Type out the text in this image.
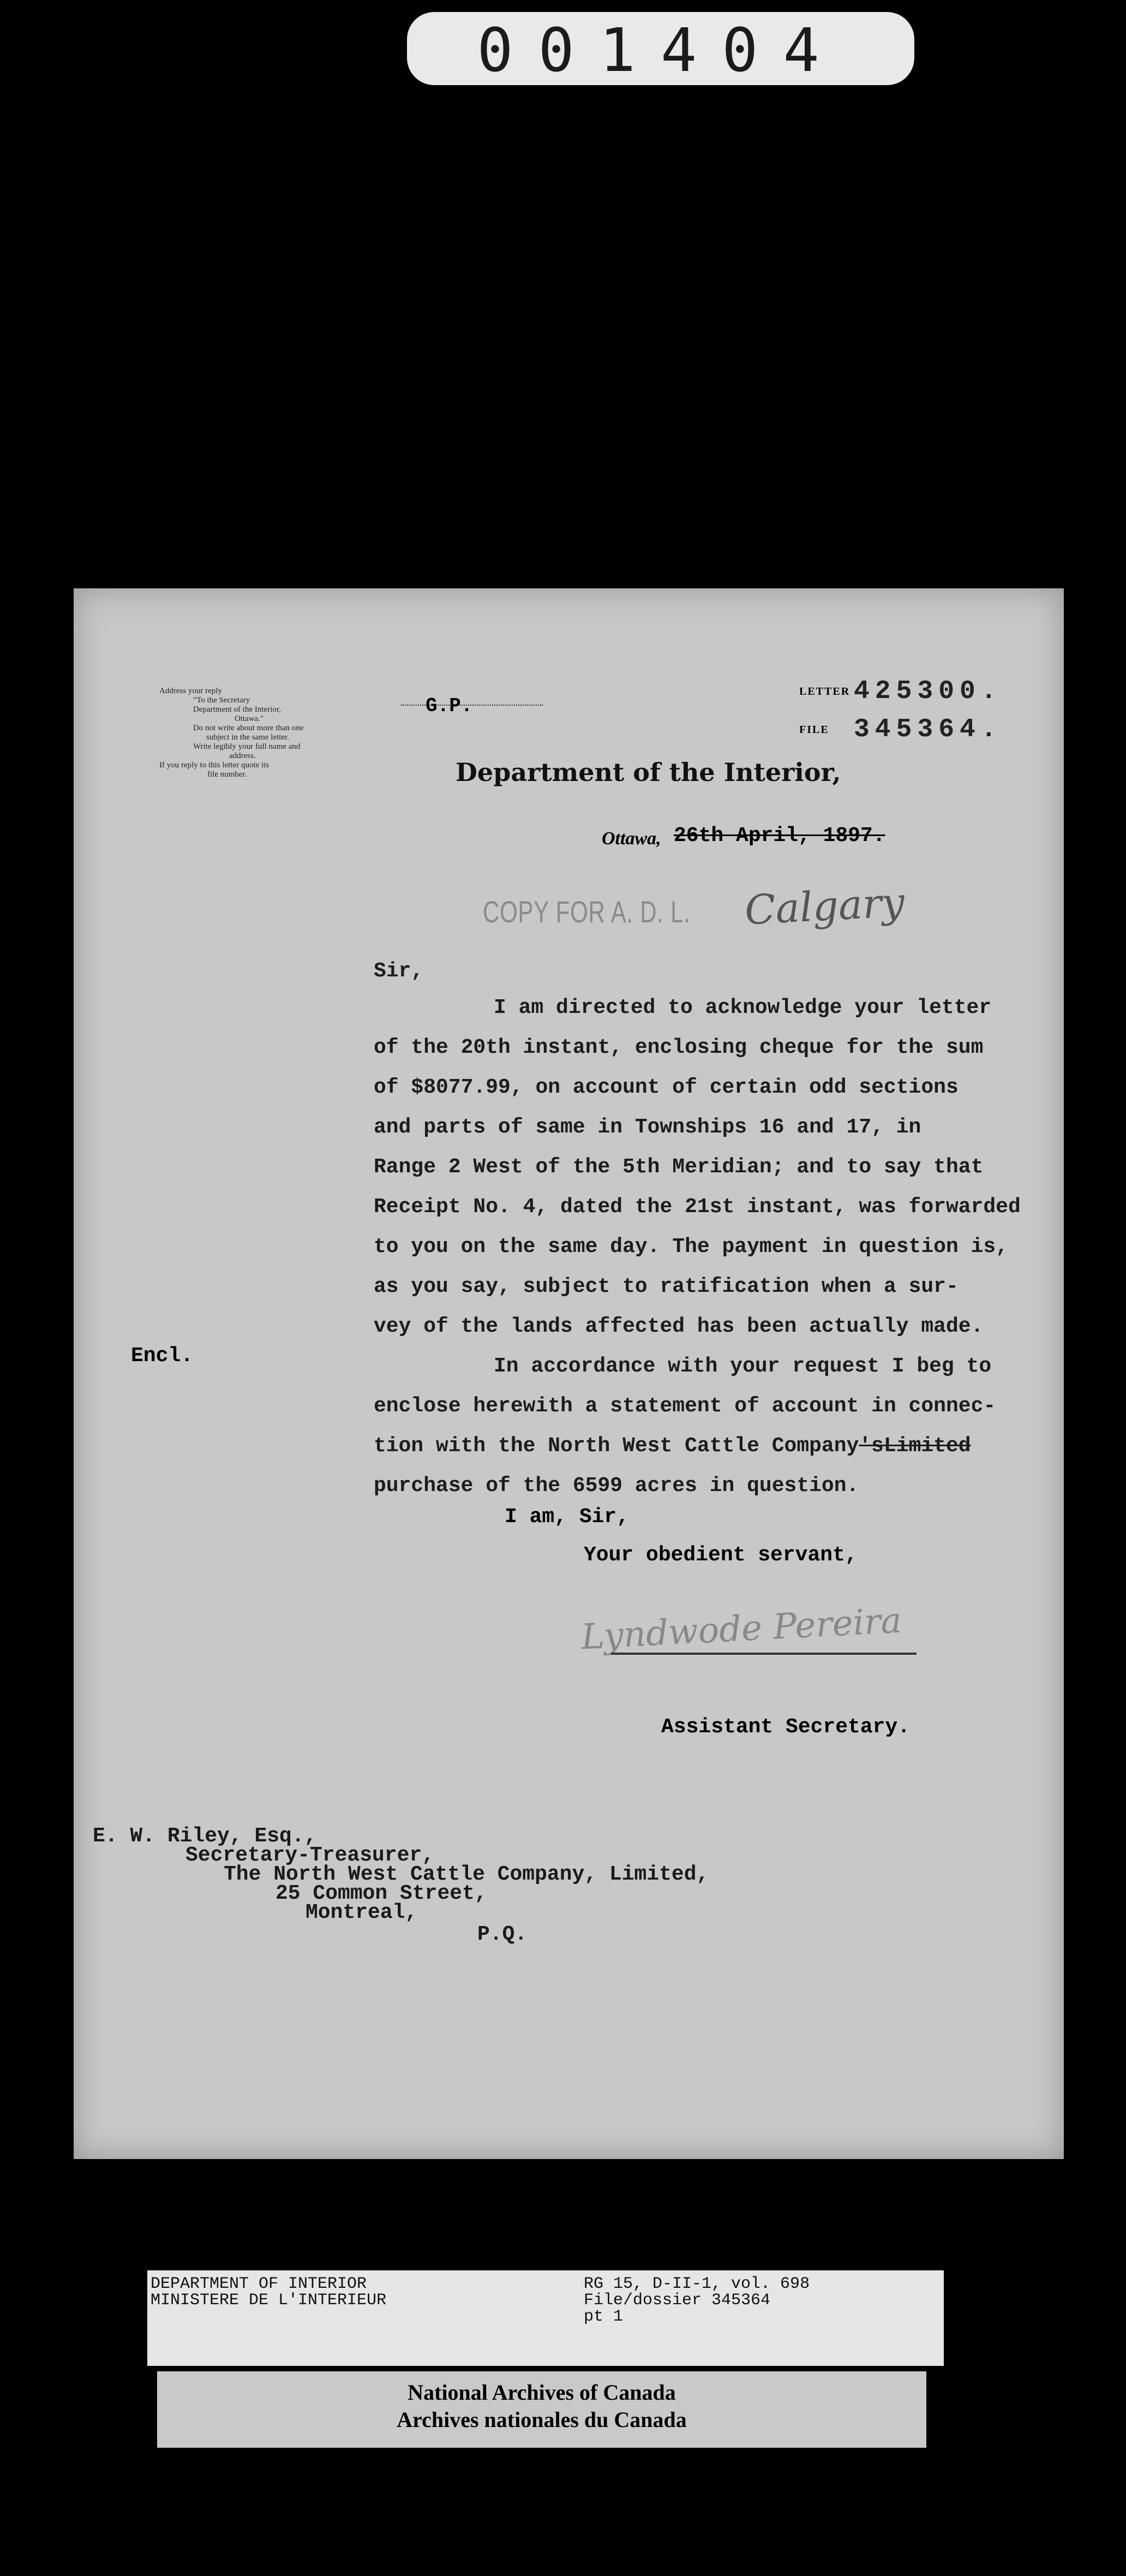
001404
Address your reply
"To the Secretary
Department of the Interior,
Ottawa."
Do not write about more than one
subject in the same letter.
Write legibly your full name and
address.
If you reply to this letter quote its
file number.
LETTER 425300.
FILE 345364.
G.P.
Department of the Interior,
Ottawa, 26th April, 1897.
COPY FOR A. D. L. Calgary
Sir,
I am directed to acknowledge your letter
of the 20th instant, enclosing cheque for the sum
of $8077.99, on account of certain odd sections
and parts of same in Townships 16 and 17, in
Range 2 West of the 5th Meridian; and to say that
Receipt No. 4, dated the 21st instant, was forwarded
to you on the same day. The payment in question is,
as you say, subject to ratification when a sur-
vey of the lands affected has been actually made.
In accordance with your request I beg to
enclose herewith a statement of account in connec-
tion with the North West Cattle Company'sLimited
purchase of the 6599 acres in question.
Encl.
I am, Sir,
Your obedient servant,
Lyndwode Pereira
Assistant Secretary.
E. W. Riley, Esq.,
Secretary-Treasurer,
The North West Cattle Company, Limited,
25 Common Street,
Montreal,
P.Q.
DEPARTMENT OF INTERIOR
MINISTERE DE L'INTERIEUR
RG 15, D-II-1, vol. 698
File/dossier 345364
pt 1
National Archives of Canada
Archives nationales du Canada
